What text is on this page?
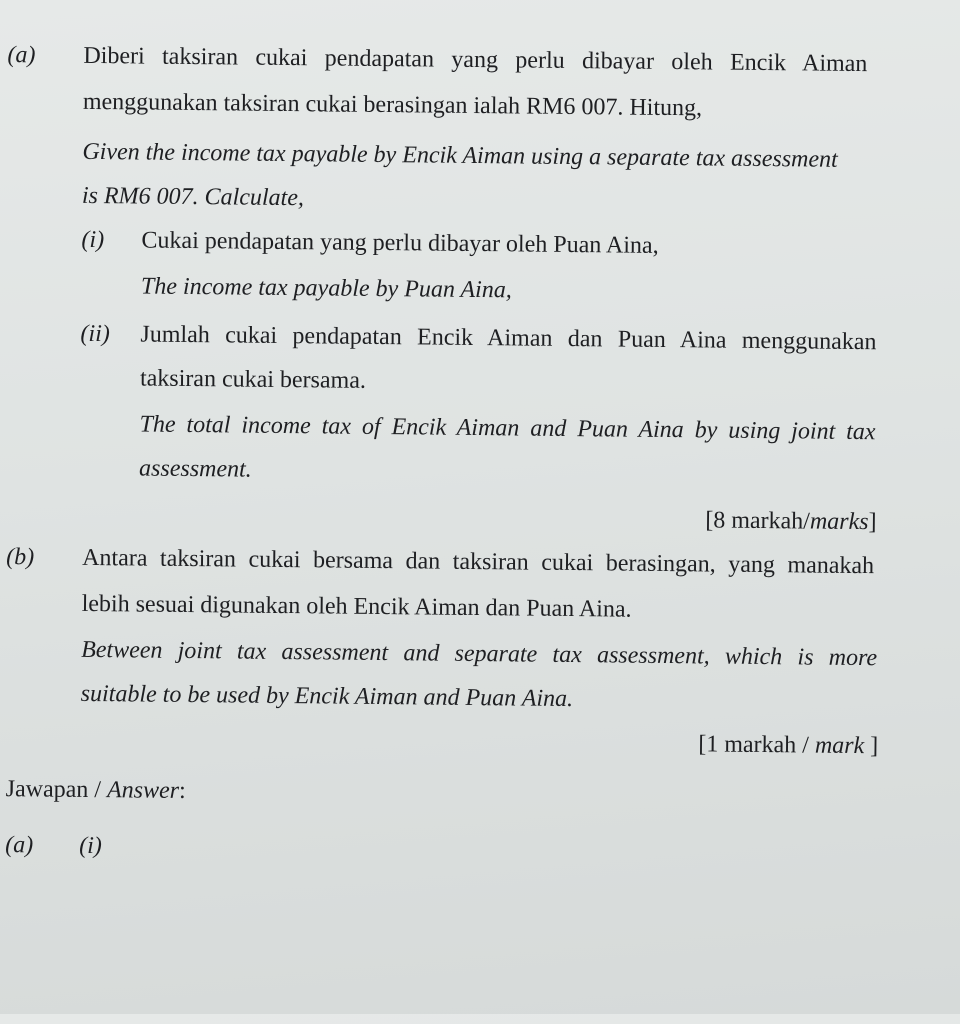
(a) Diberi taksiran cukai pendapatan yang perlu dibayar oleh Encik Aiman
menggunakan taksiran cukai berasingan ialah RM6 007. Hitung,
Given the income tax payable by Encik Aiman using a separate tax assessment
is RM6 007. Calculate,
(i) Cukai pendapatan yang perlu dibayar oleh Puan Aina,
The income tax payable by Puan Aina,
(ii) Jumlah cukai pendapatan Encik Aiman dan Puan Aina menggunakan
taksiran cukai bersama.
The total income tax of Encik Aiman and Puan Aina by using joint tax
assessment.
[8 markah/marks]
(b) Antara taksiran cukai bersama dan taksiran cukai berasingan, yang manakah
lebih sesuai digunakan oleh Encik Aiman dan Puan Aina.
Between joint tax assessment and separate tax assessment, which is more
suitable to be used by Encik Aiman and Puan Aina.
[1 markah / mark ]
Jawapan / Answer:
(a) (i)
